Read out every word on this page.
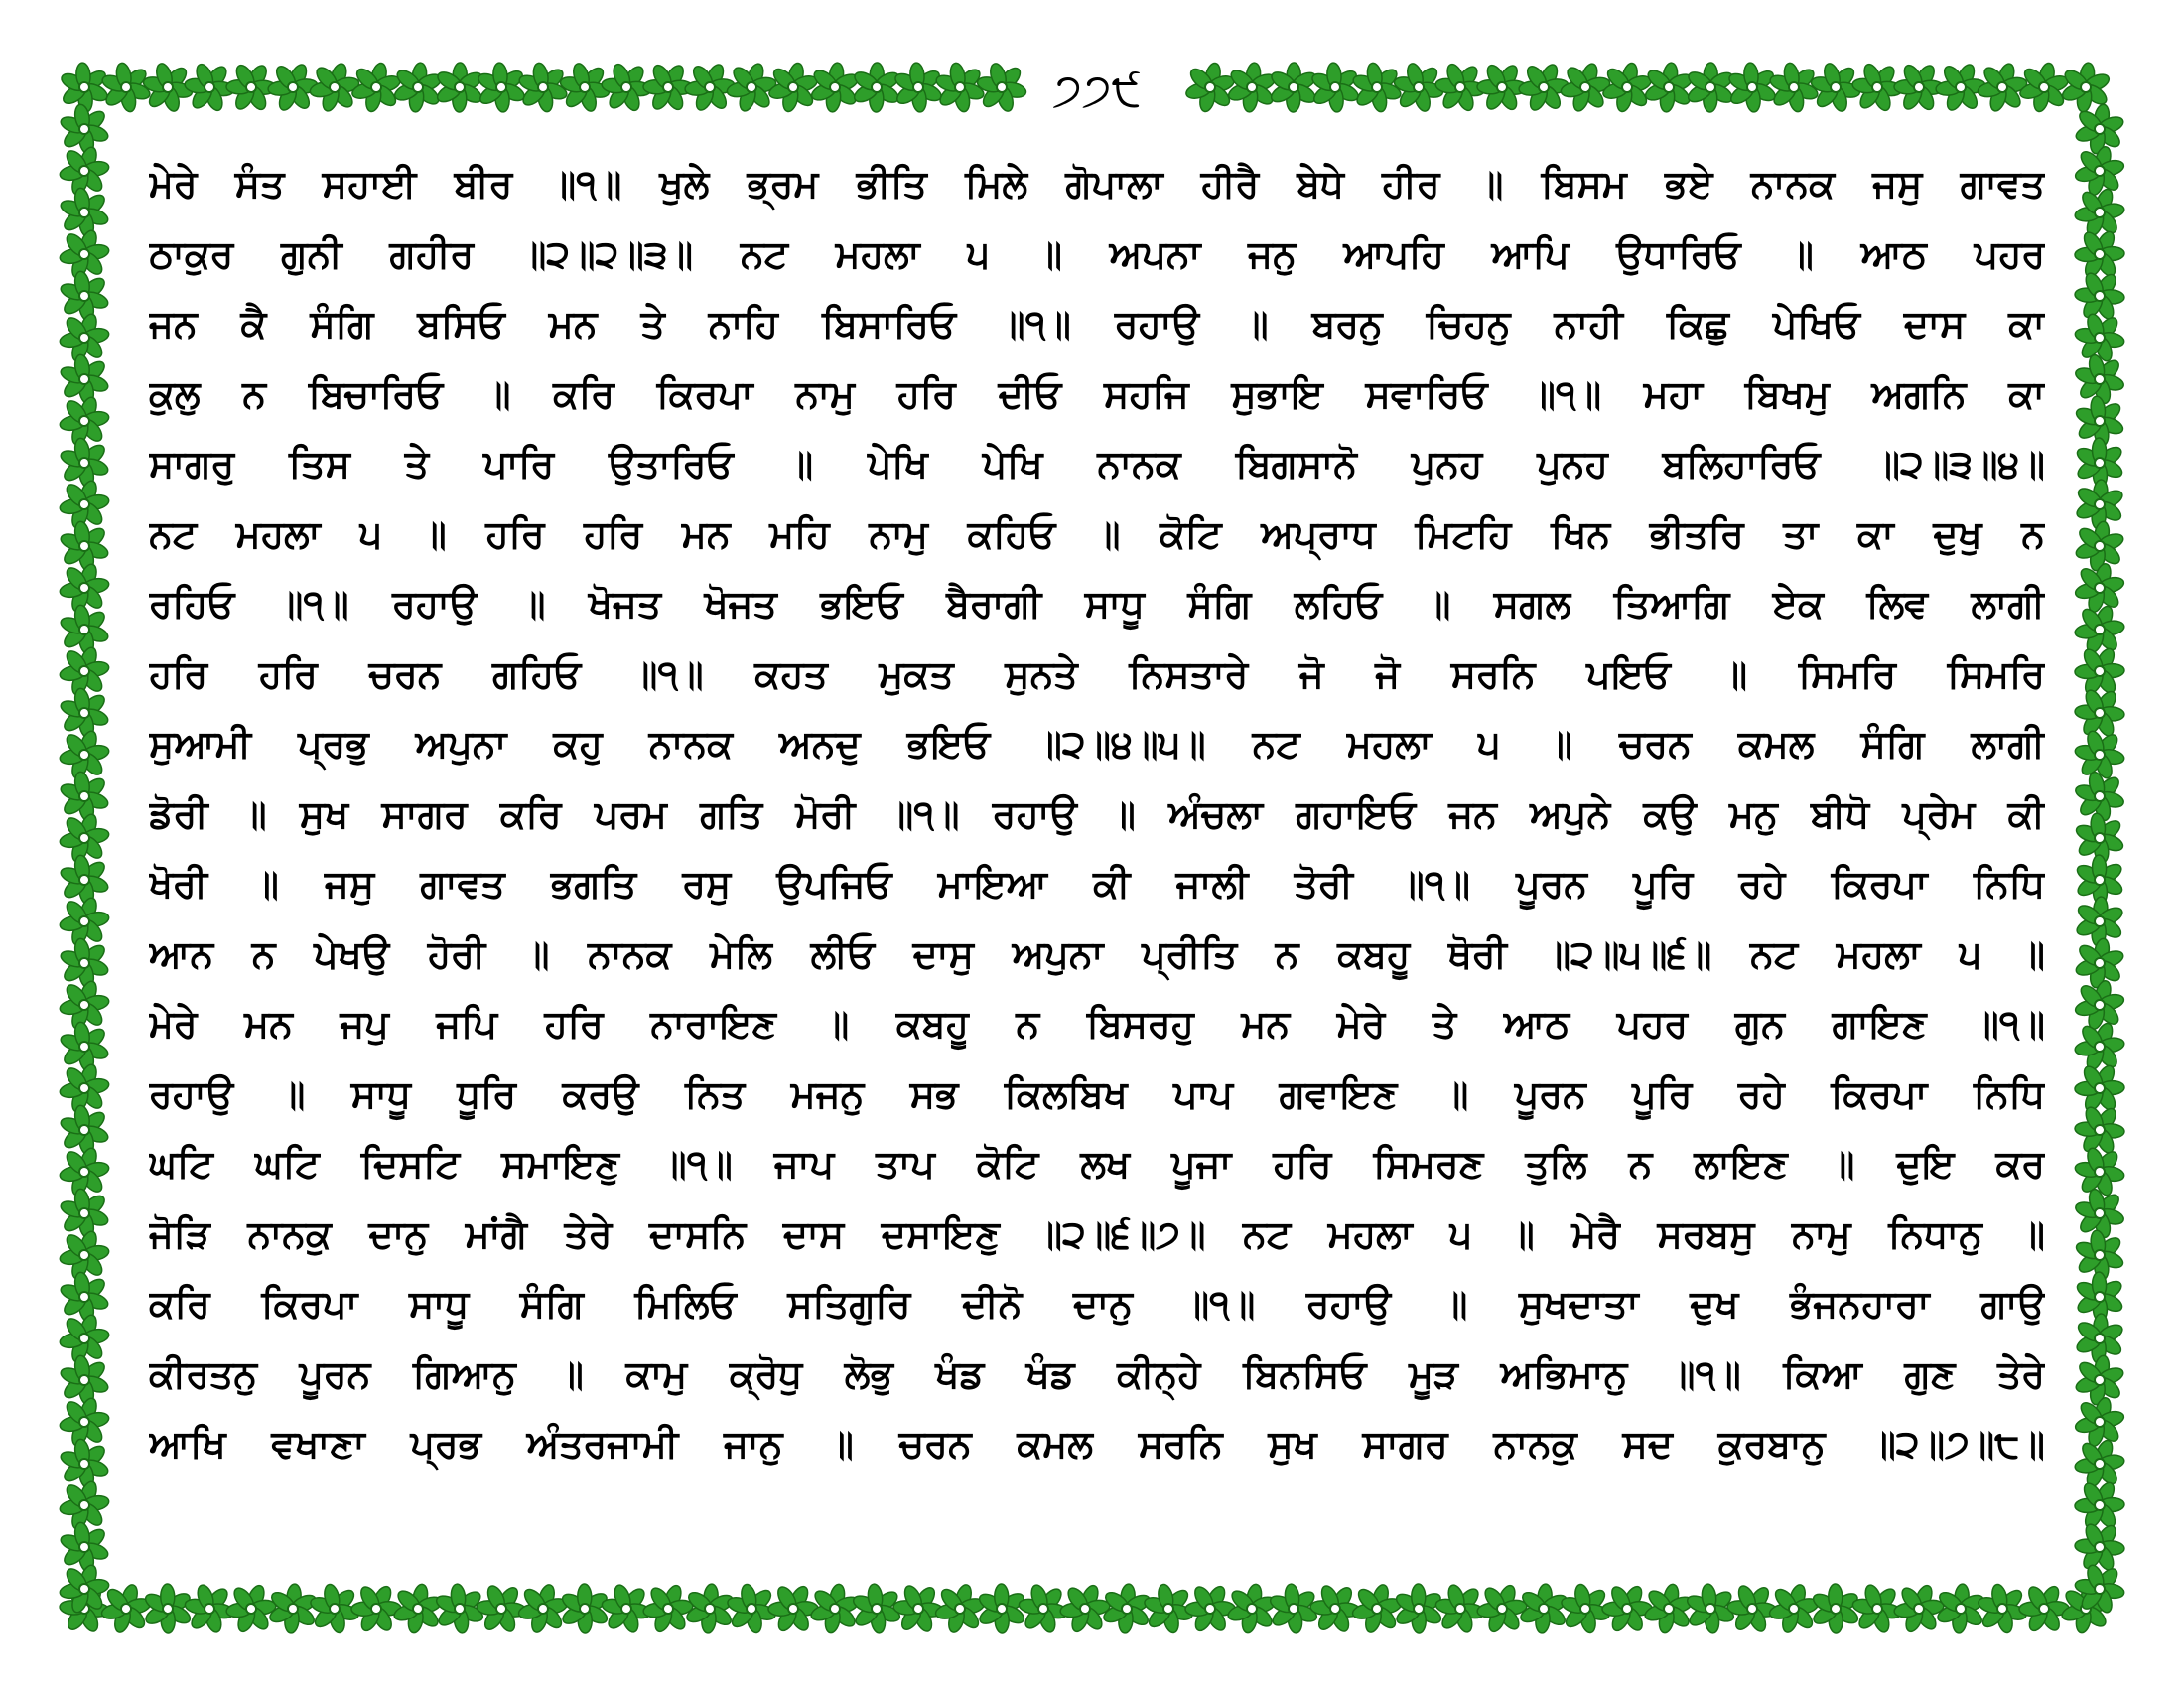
੭੭੯
ਮੇਰੇ ਸੰਤ ਸਹਾਈ ਬੀਰ ॥੧॥ ਖੁਲੇ ਭ੍ਰਮ ਭੀਤਿ ਮਿਲੇ ਗੋਪਾਲਾ ਹੀਰੈ ਬੇਧੇ ਹੀਰ ॥ ਬਿਸਮ ਭਏ ਨਾਨਕ ਜਸੁ ਗਾਵਤ
ਠਾਕੁਰ ਗੁਨੀ ਗਹੀਰ ॥੨॥੨॥੩॥ ਨਟ ਮਹਲਾ ੫ ॥ ਅਪਨਾ ਜਨੁ ਆਪਹਿ ਆਪਿ ਉਧਾਰਿਓ ॥ ਆਠ ਪਹਰ
ਜਨ ਕੈ ਸੰਗਿ ਬਸਿਓ ਮਨ ਤੇ ਨਾਹਿ ਬਿਸਾਰਿਓ ॥੧॥ ਰਹਾਉ ॥ ਬਰਨੁ ਚਿਹਨੁ ਨਾਹੀ ਕਿਛੁ ਪੇਖਿਓ ਦਾਸ ਕਾ
ਕੁਲੁ ਨ ਬਿਚਾਰਿਓ ॥ ਕਰਿ ਕਿਰਪਾ ਨਾਮੁ ਹਰਿ ਦੀਓ ਸਹਜਿ ਸੁਭਾਇ ਸਵਾਰਿਓ ॥੧॥ ਮਹਾ ਬਿਖਮੁ ਅਗਨਿ ਕਾ
ਸਾਗਰੁ ਤਿਸ ਤੇ ਪਾਰਿ ਉਤਾਰਿਓ ॥ ਪੇਖਿ ਪੇਖਿ ਨਾਨਕ ਬਿਗਸਾਨੋ ਪੁਨਹ ਪੁਨਹ ਬਲਿਹਾਰਿਓ ॥੨॥੩॥੪॥
ਨਟ ਮਹਲਾ ੫ ॥ ਹਰਿ ਹਰਿ ਮਨ ਮਹਿ ਨਾਮੁ ਕਹਿਓ ॥ ਕੋਟਿ ਅਪ੍ਰਾਧ ਮਿਟਹਿ ਖਿਨ ਭੀਤਰਿ ਤਾ ਕਾ ਦੁਖੁ ਨ
ਰਹਿਓ ॥੧॥ ਰਹਾਉ ॥ ਖੋਜਤ ਖੋਜਤ ਭਇਓ ਬੈਰਾਗੀ ਸਾਧੂ ਸੰਗਿ ਲਹਿਓ ॥ ਸਗਲ ਤਿਆਗਿ ਏਕ ਲਿਵ ਲਾਗੀ
ਹਰਿ ਹਰਿ ਚਰਨ ਗਹਿਓ ॥੧॥ ਕਹਤ ਮੁਕਤ ਸੁਨਤੇ ਨਿਸਤਾਰੇ ਜੋ ਜੋ ਸਰਨਿ ਪਇਓ ॥ ਸਿਮਰਿ ਸਿਮਰਿ
ਸੁਆਮੀ ਪ੍ਰਭੁ ਅਪੁਨਾ ਕਹੁ ਨਾਨਕ ਅਨਦੁ ਭਇਓ ॥੨॥੪॥੫॥ ਨਟ ਮਹਲਾ ੫ ॥ ਚਰਨ ਕਮਲ ਸੰਗਿ ਲਾਗੀ
ਡੋਰੀ ॥ ਸੁਖ ਸਾਗਰ ਕਰਿ ਪਰਮ ਗਤਿ ਮੋਰੀ ॥੧॥ ਰਹਾਉ ॥ ਅੰਚਲਾ ਗਹਾਇਓ ਜਨ ਅਪੁਨੇ ਕਉ ਮਨੁ ਬੀਧੋ ਪ੍ਰੇਮ ਕੀ
ਖੋਰੀ ॥ ਜਸੁ ਗਾਵਤ ਭਗਤਿ ਰਸੁ ਉਪਜਿਓ ਮਾਇਆ ਕੀ ਜਾਲੀ ਤੋਰੀ ॥੧॥ ਪੂਰਨ ਪੂਰਿ ਰਹੇ ਕਿਰਪਾ ਨਿਧਿ
ਆਨ ਨ ਪੇਖਉ ਹੋਰੀ ॥ ਨਾਨਕ ਮੇਲਿ ਲੀਓ ਦਾਸੁ ਅਪੁਨਾ ਪ੍ਰੀਤਿ ਨ ਕਬਹੂ ਥੋਰੀ ॥੨॥੫॥੬॥ ਨਟ ਮਹਲਾ ੫ ॥
ਮੇਰੇ ਮਨ ਜਪੁ ਜਪਿ ਹਰਿ ਨਾਰਾਇਣ ॥ ਕਬਹੂ ਨ ਬਿਸਰਹੁ ਮਨ ਮੇਰੇ ਤੇ ਆਠ ਪਹਰ ਗੁਨ ਗਾਇਣ ॥੧॥
ਰਹਾਉ ॥ ਸਾਧੂ ਧੂਰਿ ਕਰਉ ਨਿਤ ਮਜਨੁ ਸਭ ਕਿਲਬਿਖ ਪਾਪ ਗਵਾਇਣ ॥ ਪੂਰਨ ਪੂਰਿ ਰਹੇ ਕਿਰਪਾ ਨਿਧਿ
ਘਟਿ ਘਟਿ ਦਿਸਟਿ ਸਮਾਇਣੁ ॥੧॥ ਜਾਪ ਤਾਪ ਕੋਟਿ ਲਖ ਪੂਜਾ ਹਰਿ ਸਿਮਰਣ ਤੁਲਿ ਨ ਲਾਇਣ ॥ ਦੁਇ ਕਰ
ਜੋੜਿ ਨਾਨਕੁ ਦਾਨੁ ਮਾਂਗੈ ਤੇਰੇ ਦਾਸਨਿ ਦਾਸ ਦਸਾਇਣੁ ॥੨॥੬॥੭॥ ਨਟ ਮਹਲਾ ੫ ॥ ਮੇਰੈ ਸਰਬਸੁ ਨਾਮੁ ਨਿਧਾਨੁ ॥
ਕਰਿ ਕਿਰਪਾ ਸਾਧੂ ਸੰਗਿ ਮਿਲਿਓ ਸਤਿਗੁਰਿ ਦੀਨੋ ਦਾਨੁ ॥੧॥ ਰਹਾਉ ॥ ਸੁਖਦਾਤਾ ਦੁਖ ਭੰਜਨਹਾਰਾ ਗਾਉ
ਕੀਰਤਨੁ ਪੂਰਨ ਗਿਆਨੁ ॥ ਕਾਮੁ ਕ੍ਰੋਧੁ ਲੋਭੁ ਖੰਡ ਖੰਡ ਕੀਨ੍ਹੇ ਬਿਨਸਿਓ ਮੂੜ ਅਭਿਮਾਨੁ ॥੧॥ ਕਿਆ ਗੁਣ ਤੇਰੇ
ਆਖਿ ਵਖਾਣਾ ਪ੍ਰਭ ਅੰਤਰਜਾਮੀ ਜਾਨੁ ॥ ਚਰਨ ਕਮਲ ਸਰਨਿ ਸੁਖ ਸਾਗਰ ਨਾਨਕੁ ਸਦ ਕੁਰਬਾਨੁ ॥੨॥੭॥੮॥
